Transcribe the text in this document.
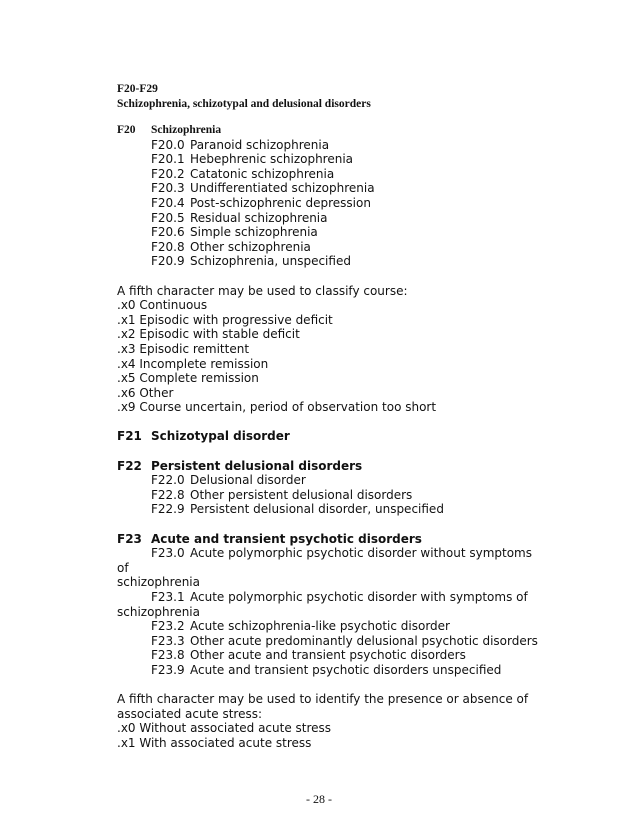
F20-F29
Schizophrenia, schizotypal and delusional disorders
F20 Schizophrenia
F20.0 Paranoid schizophrenia
F20.1 Hebephrenic schizophrenia
F20.2 Catatonic schizophrenia
F20.3 Undifferentiated schizophrenia
F20.4 Post-schizophrenic depression
F20.5 Residual schizophrenia
F20.6 Simple schizophrenia
F20.8 Other schizophrenia
F20.9 Schizophrenia, unspecified
A fifth character may be used to classify course:
.x0 Continuous
.x1 Episodic with progressive deficit
.x2 Episodic with stable deficit
.x3 Episodic remittent
.x4 Incomplete remission
.x5 Complete remission
.x6 Other
.x9 Course uncertain, period of observation too short
F21 Schizotypal disorder
F22 Persistent delusional disorders
F22.0 Delusional disorder
F22.8 Other persistent delusional disorders
F22.9 Persistent delusional disorder, unspecified
F23 Acute and transient psychotic disorders
F23.0 Acute polymorphic psychotic disorder without symptoms
of
schizophrenia
F23.1 Acute polymorphic psychotic disorder with symptoms of
schizophrenia
F23.2 Acute schizophrenia-like psychotic disorder
F23.3 Other acute predominantly delusional psychotic disorders
F23.8 Other acute and transient psychotic disorders
F23.9 Acute and transient psychotic disorders unspecified
A fifth character may be used to identify the presence or absence of
associated acute stress:
.x0 Without associated acute stress
.x1 With associated acute stress
- 28 -
